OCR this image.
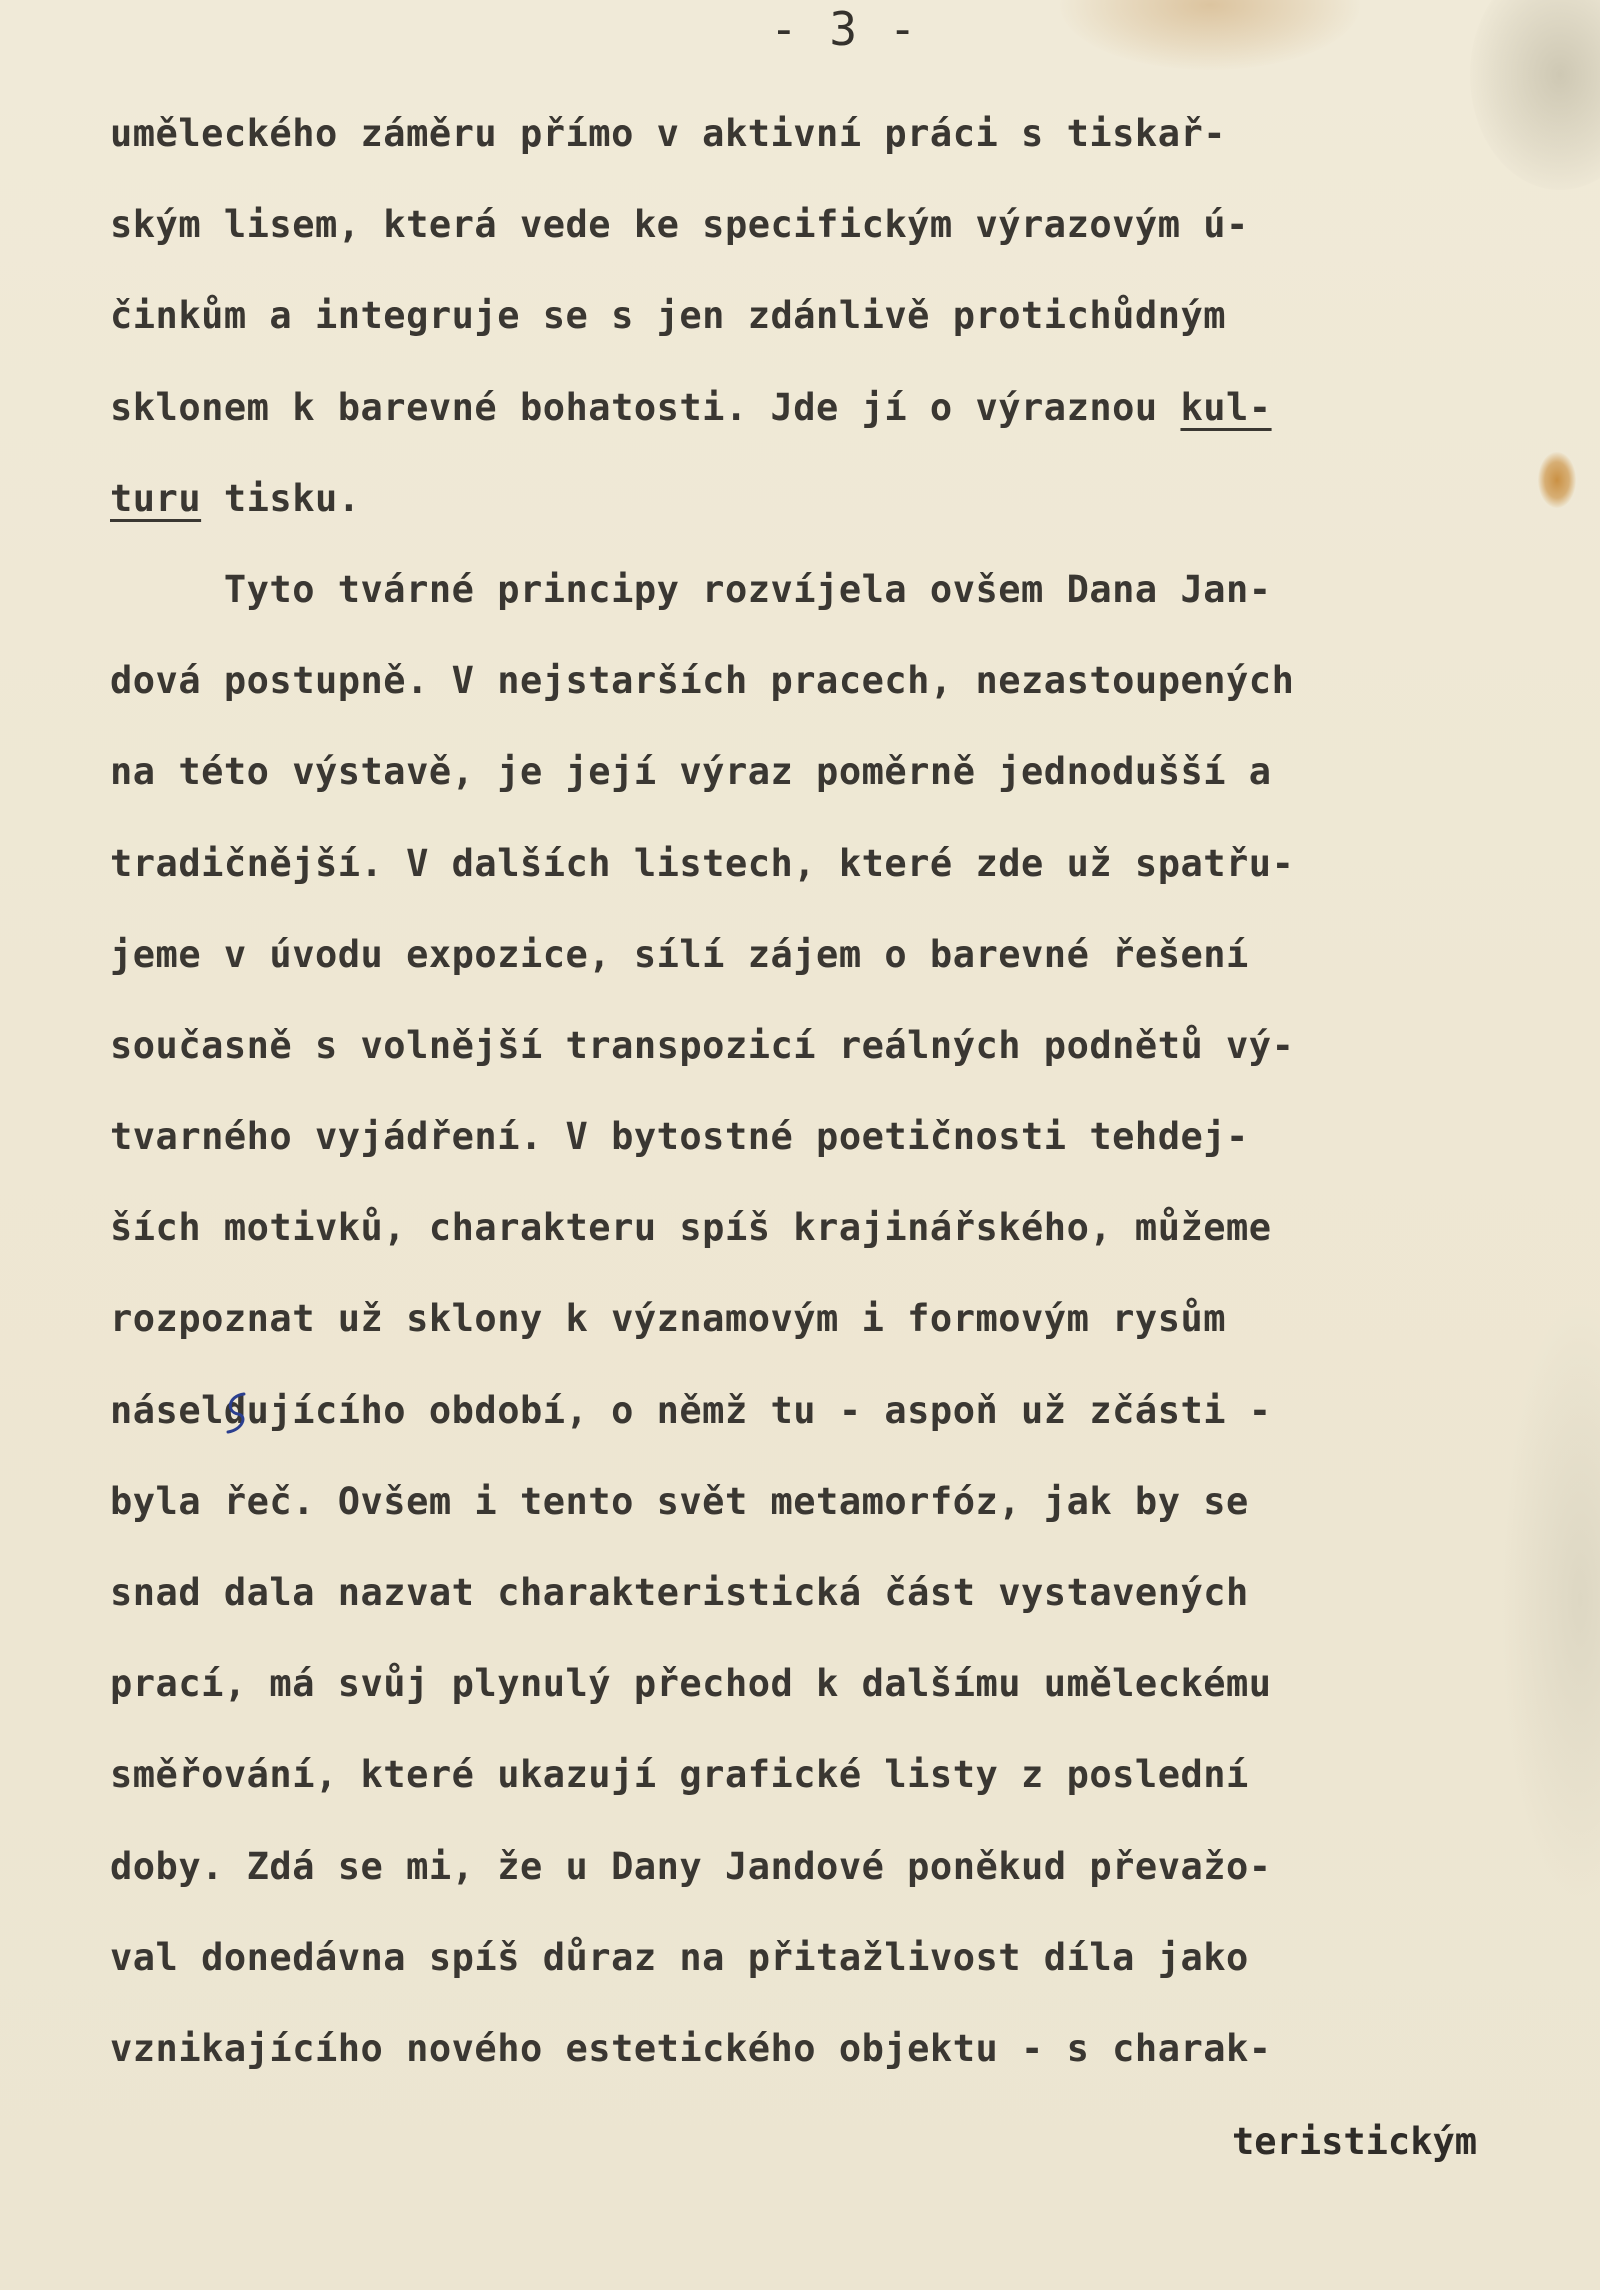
- 3 -
uměleckého záměru přímo v aktivní práci s tiskař-
ským lisem, která vede ke specifickým výrazovým ú-
činkům a integruje se s jen zdánlivě protichůdným
sklonem k barevné bohatosti. Jde jí o výraznou kul-
turu tisku.
Tyto tvárné principy rozvíjela ovšem Dana Jan-
dová postupně. V nejstarších pracech, nezastoupených
na této výstavě, je její výraz poměrně jednodušší a
tradičnější. V dalších listech, které zde už spatřu-
jeme v úvodu expozice, sílí zájem o barevné řešení
současně s volnější transpozicí reálných podnětů vý-
tvarného vyjádření. V bytostné poetičnosti tehdej-
ších motivků, charakteru spíš krajinářského, můžeme
rozpoznat už sklony k významovým i formovým rysům
náseldujícího období, o němž tu - aspoň už zčásti -
byla řeč. Ovšem i tento svět metamorfóz, jak by se
snad dala nazvat charakteristická část vystavených
prací, má svůj plynulý přechod k dalšímu uměleckému
směřování, které ukazují grafické listy z poslední
doby. Zdá se mi, že u Dany Jandové poněkud převažo-
val donedávna spíš důraz na přitažlivost díla jako
vznikajícího nového estetického objektu - s charak-
teristickým
